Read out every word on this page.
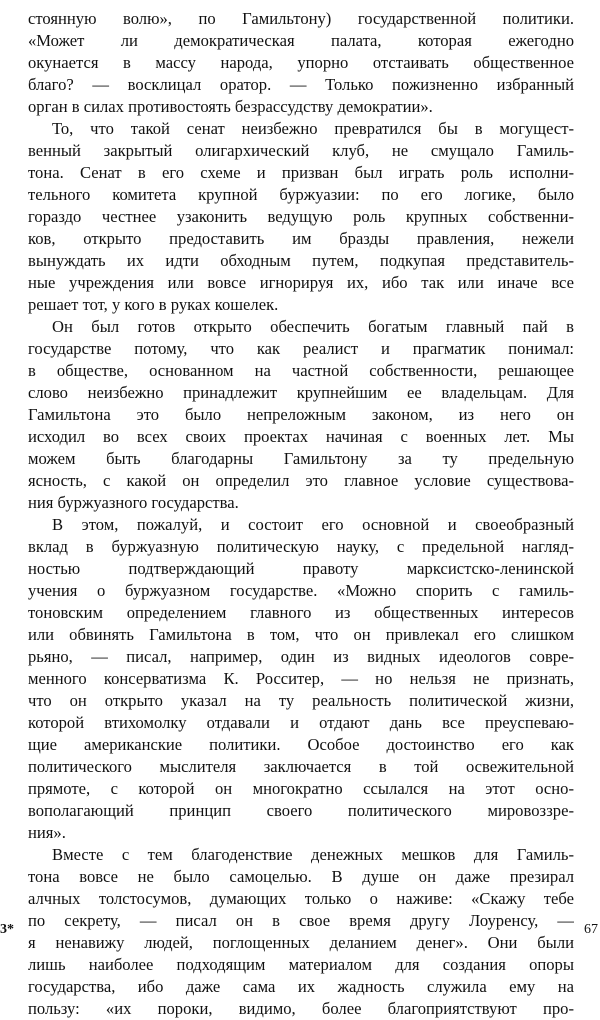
стоянную волю», по Гамильтону) государственной политики.
«Может ли демократическая палата, которая ежегодно
окунается в массу народа, упорно отстаивать общественное
благо? — восклицал оратор. — Только пожизненно избранный
орган в силах противостоять безрассудству демократии».
То, что такой сенат неизбежно превратился бы в могущест-
венный закрытый олигархический клуб, не смущало Гамиль-
тона. Сенат в его схеме и призван был играть роль исполни-
тельного комитета крупной буржуазии: по его логике, было
гораздо честнее узаконить ведущую роль крупных собственни-
ков, открыто предоставить им бразды правления, нежели
вынуждать их идти обходным путем, подкупая представитель-
ные учреждения или вовсе игнорируя их, ибо так или иначе все
решает тот, у кого в руках кошелек.
Он был готов открыто обеспечить богатым главный пай в
государстве потому, что как реалист и прагматик понимал:
в обществе, основанном на частной собственности, решающее
слово неизбежно принадлежит крупнейшим ее владельцам. Для
Гамильтона это было непреложным законом, из него он
исходил во всех своих проектах начиная с военных лет. Мы
можем быть благодарны Гамильтону за ту предельную
ясность, с какой он определил это главное условие существова-
ния буржуазного государства.
В этом, пожалуй, и состоит его основной и своеобразный
вклад в буржуазную политическую науку, с предельной нагляд-
ностью подтверждающий правоту марксистско-ленинской
учения о буржуазном государстве. «Можно спорить с гамиль-
тоновским определением главного из общественных интересов
или обвинять Гамильтона в том, что он привлекал его слишком
рьяно, — писал, например, один из видных идеологов совре-
менного консерватизма К. Росситер, — но нельзя не признать,
что он открыто указал на ту реальность политической жизни,
которой втихомолку отдавали и отдают дань все преуспеваю-
щие американские политики. Особое достоинство его как
политического мыслителя заключается в той освежительной
прямоте, с которой он многократно ссылался на этот осно-
вополагающий принцип своего политического мировоззре-
ния».
Вместе с тем благоденствие денежных мешков для Гамиль-
тона вовсе не было самоцелью. В душе он даже презирал
алчных толстосумов, думающих только о наживе: «Скажу тебе
по секрету, — писал он в свое время другу Лоуренсу, —
я ненавижу людей, поглощенных деланием денег». Они были
лишь наиболее подходящим материалом для создания опоры
государства, ибо даже сама их жадность служила ему на
пользу: «их пороки, видимо, более благоприятствуют про-
3*	67
